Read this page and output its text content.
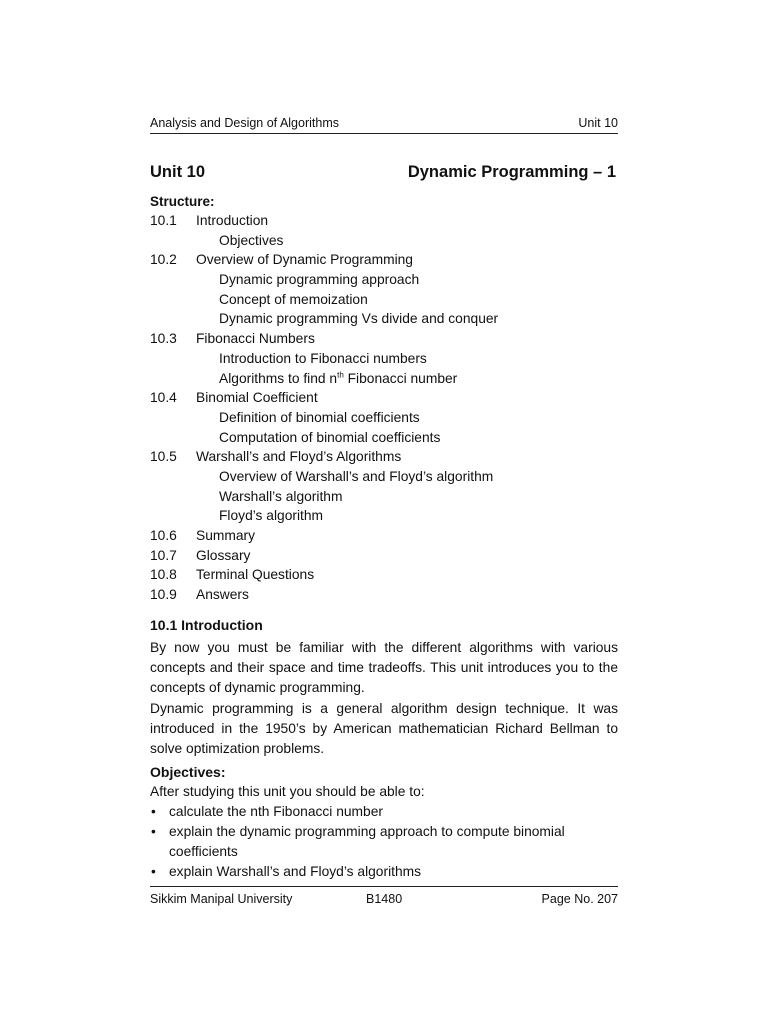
Analysis and Design of Algorithms	Unit 10
Unit 10	Dynamic Programming – 1
Structure:
10.1 Introduction
Objectives
10.2 Overview of Dynamic Programming
Dynamic programming approach
Concept of memoization
Dynamic programming Vs divide and conquer
10.3 Fibonacci Numbers
Introduction to Fibonacci numbers
Algorithms to find $n^{th}$ Fibonacci number
10.4 Binomial Coefficient
Definition of binomial coefficients
Computation of binomial coefficients
10.5 Warshall’s and Floyd’s Algorithms
Overview of Warshall’s and Floyd’s algorithm
Warshall’s algorithm
Floyd’s algorithm
10.6 Summary
10.7 Glossary
10.8 Terminal Questions
10.9 Answers
10.1 Introduction
By now you must be familiar with the different algorithms with various
concepts and their space and time tradeoffs. This unit introduces you to the
concepts of dynamic programming.
Dynamic programming is a general algorithm design technique. It was
introduced in the 1950’s by American mathematician Richard Bellman to
solve optimization problems.
Objectives:
After studying this unit you should be able to:
• calculate the nth Fibonacci number
• explain the dynamic programming approach to compute binomial
coefficients
• explain Warshall’s and Floyd’s algorithms
Sikkim Manipal University	B1480	Page No. 207
